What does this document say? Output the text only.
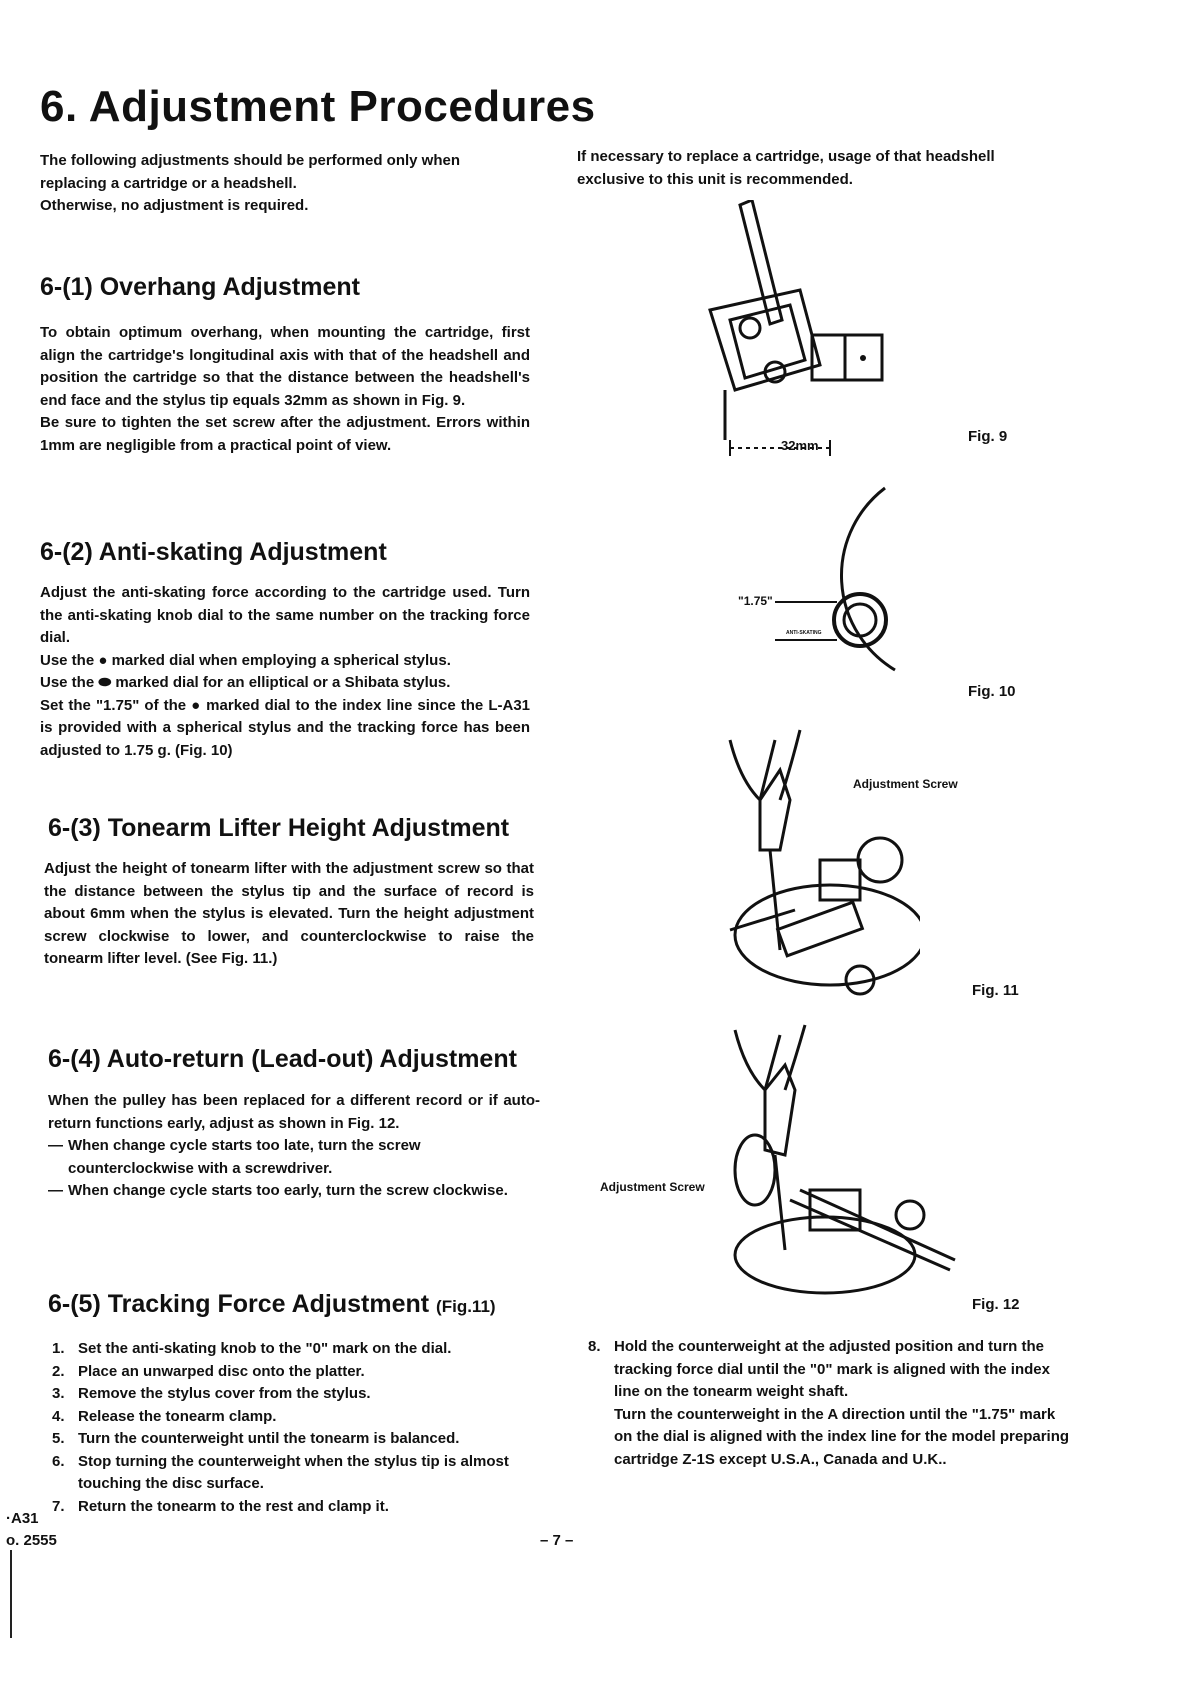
6. Adjustment Procedures

The following adjustments should be performed only when

replacing a cartridge or a headshell.

Otherwise, no adjustment is required.

If necessary to replace a cartridge, usage of that headshell

exclusive to this unit is recommended.

6-(1) Overhang Adjustment

To obtain optimum overhang, when mounting the cartridge, first align the cartridge's longitudinal axis with that of the headshell and position the cartridge so that the distance between the headshell's end face and the stylus tip equals 32mm as shown in Fig. 9.

Be sure to tighten the set screw after the adjustment. Errors within 1mm are negligible from a practical point of view.

6-(2) Anti-skating Adjustment

Adjust the anti-skating force according to the cartridge used. Turn the anti-skating knob dial to the same number on the tracking force dial.

Use the ● marked dial when employing a spherical stylus.

Use the ⬬ marked dial for an elliptical or a Shibata stylus.

Set the "1.75" of the ● marked dial to the index line since the L-A31 is provided with a spherical stylus and the tracking force has been adjusted to 1.75 g. (Fig. 10)

6-(3) Tonearm Lifter Height Adjustment

Adjust the height of tonearm lifter with the adjustment screw so that the distance between the stylus tip and the surface of record is about 6mm when the stylus is elevated. Turn the height adjustment screw clockwise to lower, and counterclockwise to raise the tonearm lifter level. (See Fig. 11.)

6-(4) Auto-return (Lead-out) Adjustment

When the pulley has been replaced for a different record or if auto-return functions early, adjust as shown in Fig. 12.

— When change cycle starts too late, turn the screw counterclockwise with a screwdriver.
— When change cycle starts too early, turn the screw clockwise.
6-(5) Tracking Force Adjustment (Fig.11)
1. Set the anti-skating knob to the "0" mark on the dial.
2. Place an unwarped disc onto the platter.
3. Remove the stylus cover from the stylus.
4. Release the tonearm clamp.
5. Turn the counterweight until the tonearm is balanced.
6. Stop turning the counterweight when the stylus tip is almost touching the disc surface.
7. Return the tonearm to the rest and clamp it.
8. Hold the counterweight at the adjusted position and turn the tracking force dial until the "0" mark is aligned with the index line on the tonearm weight shaft.

Turn the counterweight in the A direction until the "1.75" mark on the dial is aligned with the index line for the model preparing cartridge Z-1S except U.S.A., Canada and U.K..

32mm
Fig. 9
"1.75"
ANTI-SKATING
Fig. 10
Adjustment Screw
Fig. 11
Adjustment Screw
Fig. 12
·A31
o. 2555	– 7 –
